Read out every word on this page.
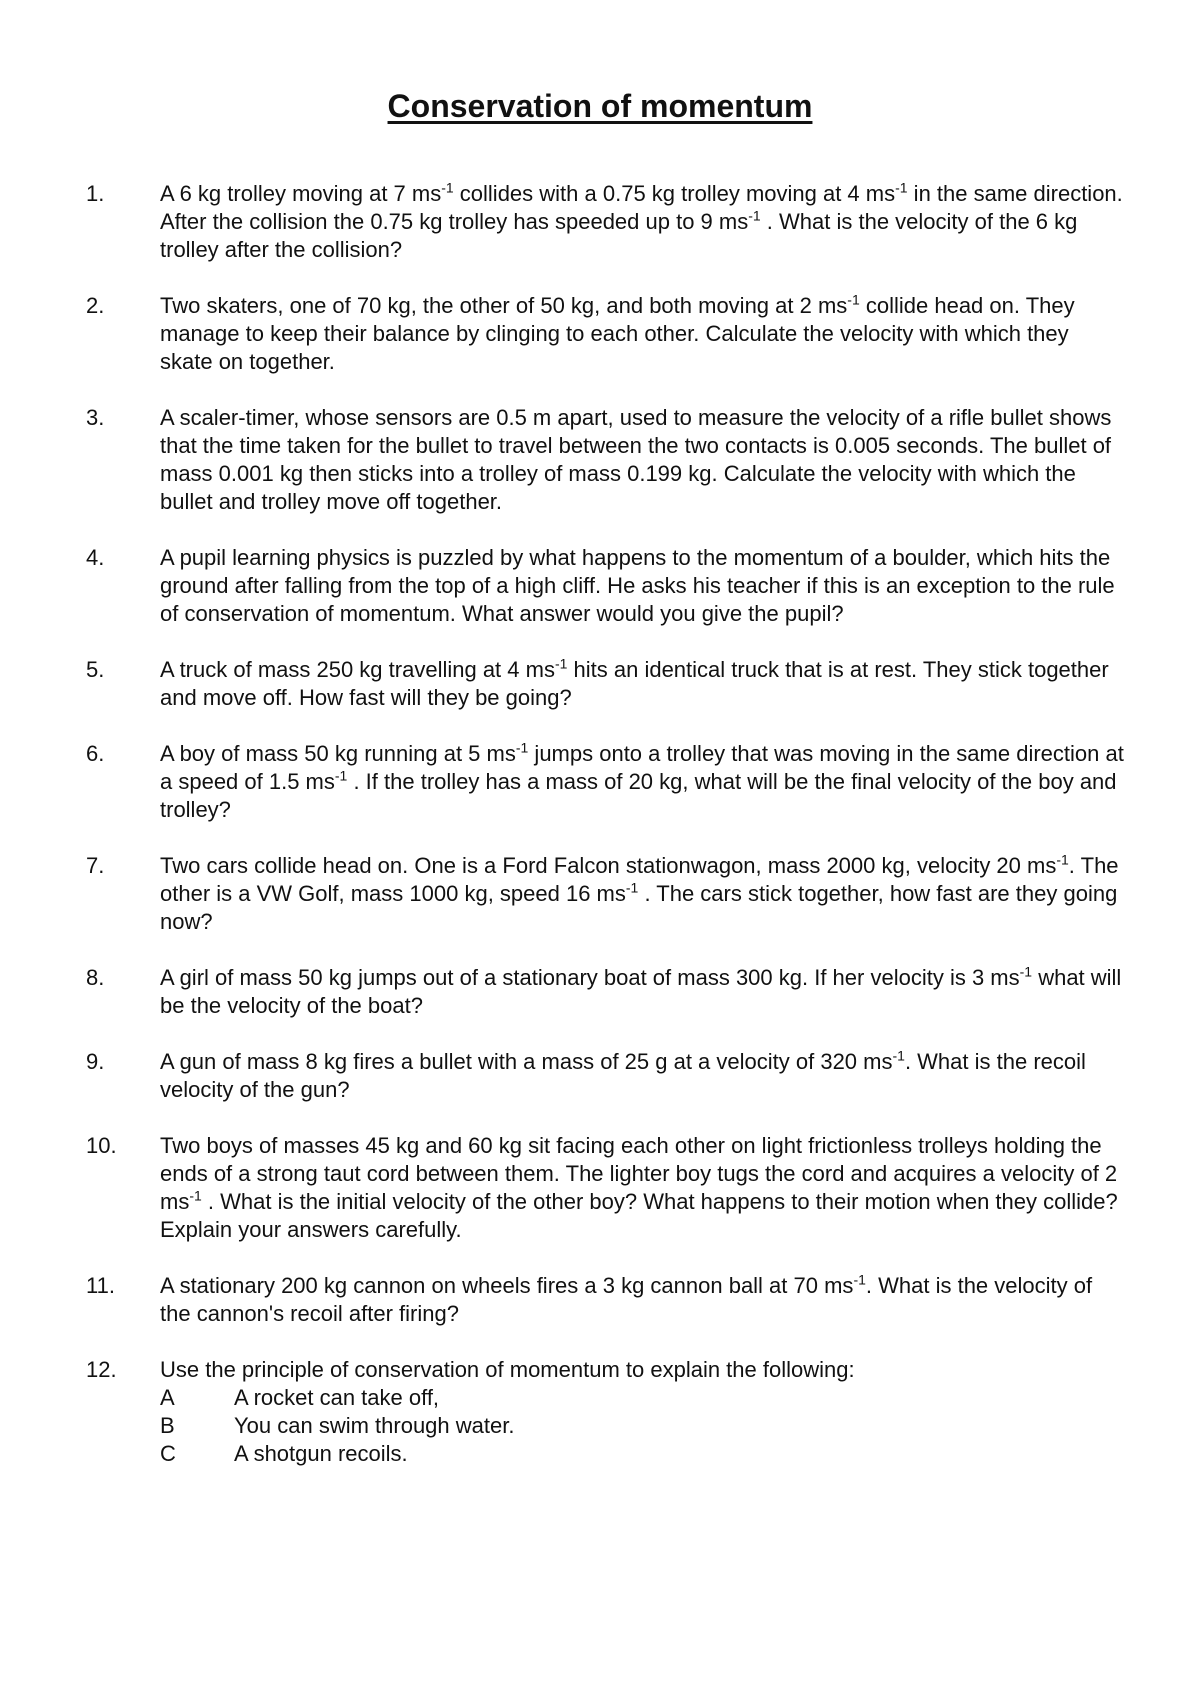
Conservation of momentum
1.	A 6 kg trolley moving at 7 $ms^{-1}$ collides with a 0.75 kg trolley moving at 4 $ms^{-1}$ in the same direction. After the collision the 0.75 kg trolley has speeded up to 9 $ms^{-1}$ . What is the velocity of the 6 kg trolley after the collision?
2.	Two skaters, one of 70 kg, the other of 50 kg, and both moving at 2 $ms^{-1}$ collide head on. They manage to keep their balance by clinging to each other. Calculate the velocity with which they skate on together.
3.	A scaler-timer, whose sensors are 0.5 m apart, used to measure the velocity of a rifle bullet shows that the time taken for the bullet to travel between the two contacts is 0.005 seconds. The bullet of mass 0.001 kg then sticks into a trolley of mass 0.199 kg. Calculate the velocity with which the bullet and trolley move off together.
4.	A pupil learning physics is puzzled by what happens to the momentum of a boulder, which hits the ground after falling from the top of a high cliff. He asks his teacher if this is an exception to the rule of conservation of momentum. What answer would you give the pupil?
5.	A truck of mass 250 kg travelling at 4 $ms^{-1}$ hits an identical truck that is at rest. They stick together and move off. How fast will they be going?
6.	A boy of mass 50 kg running at 5 $ms^{-1}$ jumps onto a trolley that was moving in the same direction at a speed of 1.5 $ms^{-1}$ . If the trolley has a mass of 20 kg, what will be the final velocity of the boy and trolley?
7.	Two cars collide head on. One is a Ford Falcon stationwagon, mass 2000 kg, velocity 20 $ms^{-1}$. The other is a VW Golf, mass 1000 kg, speed 16 $ms^{-1}$ . The cars stick together, how fast are they going now?
8.	A girl of mass 50 kg jumps out of a stationary boat of mass 300 kg. If her velocity is 3 $ms^{-1}$ what will be the velocity of the boat?
9.	A gun of mass 8 kg fires a bullet with a mass of 25 g at a velocity of 320 $ms^{-1}$. What is the recoil velocity of the gun?
10.	Two boys of masses 45 kg and 60 kg sit facing each other on light frictionless trolleys holding the ends of a strong taut cord between them. The lighter boy tugs the cord and acquires a velocity of 2 $ms^{-1}$ . What is the initial velocity of the other boy? What happens to their motion when they collide? Explain your answers carefully.
11.	A stationary 200 kg cannon on wheels fires a 3 kg cannon ball at 70 $ms^{-1}$. What is the velocity of the cannon's recoil after firing?
12.	Use the principle of conservation of momentum to explain the following:
A	A rocket can take off,
B	You can swim through water.
C	A shotgun recoils.
